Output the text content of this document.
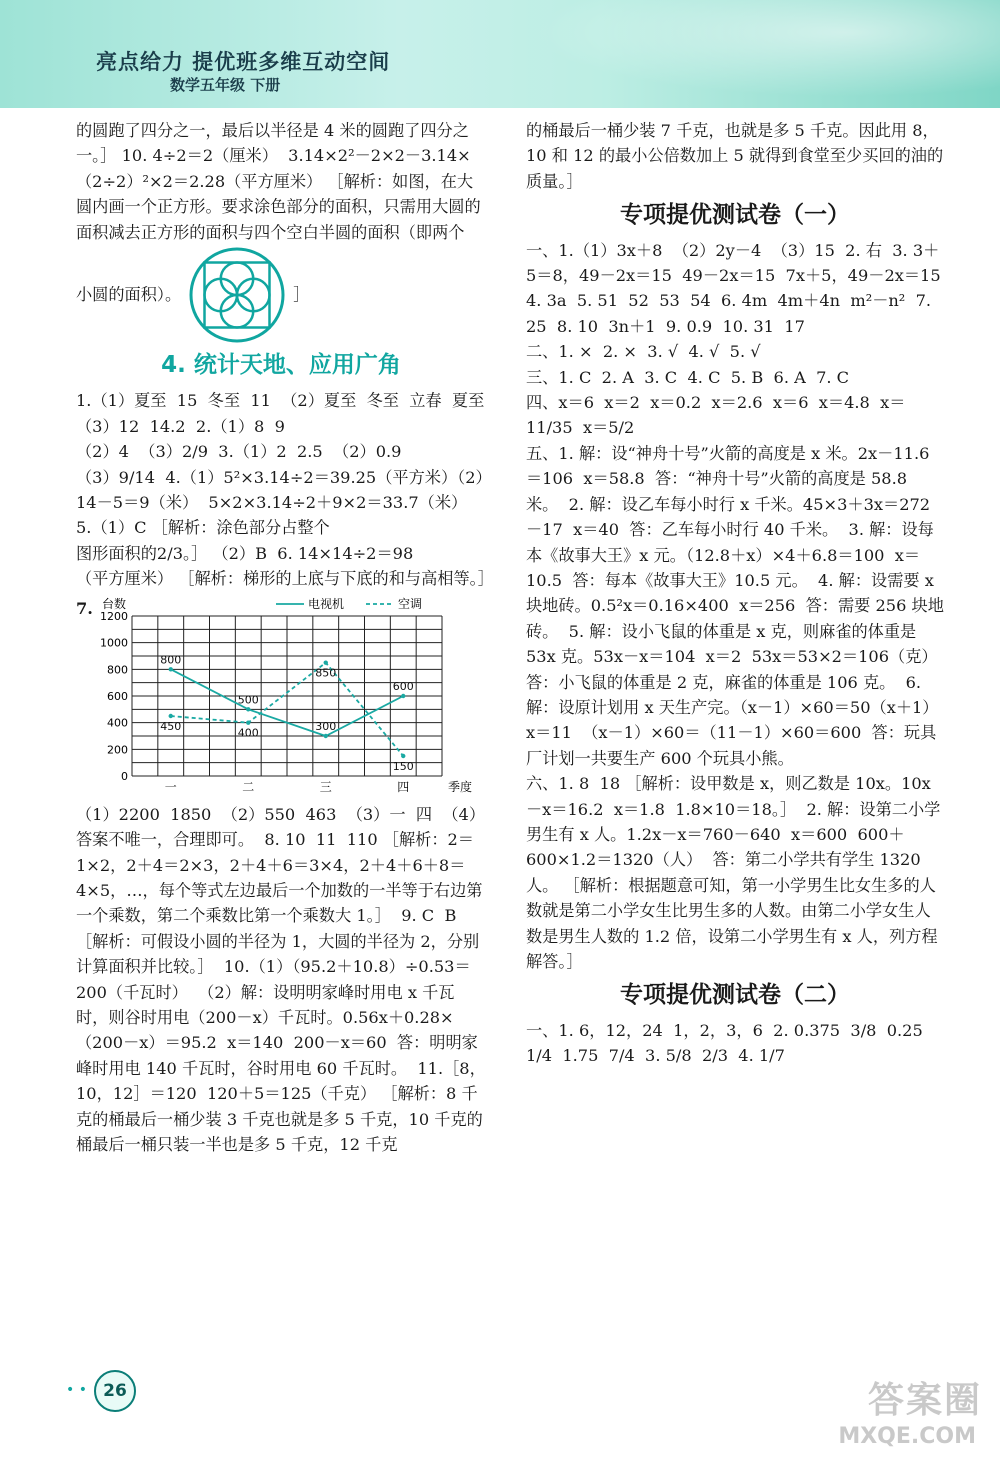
亮点给力 提优班多维互动空间
数学五年级 下册
的圆跑了四分之一，最后以半径是 4 米的圆跑了四分之一。］ 10. 4÷2＝2（厘米）  3.14×2²－2×2－3.14×（2÷2）²×2＝2.28（平方厘米） ［解析：如图，在大圆内画一个正方形。要求涂色部分的面积，只需用大圆的面积减去正方形的面积与四个空白半圆的面积（即两个
小圆的面积）。	］
4. 统计天地、应用广角
1.（1）夏至  15  冬至  11  （2）夏至  冬至  立春  夏至  （3）12  14.2  2.（1）8  9
（2）4  （3）2/9  3.（1）2  2.5  （2）0.9
（3）9/14  4.（1）5²×3.14÷2＝39.25（平方米）（2）14－5＝9（米）  5×2×3.14÷2＋9×2＝33.7（米）  5.（1）C ［解析：涂色部分占整个
图形面积的2/3。］ （2）B  6. 14×14÷2＝98
（平方厘米） ［解析：梯形的上底与下底的和与高相等。］
7.
0
200
400
600
800
1000
1200
台数
一	二	三	四	季度
800
500
300
600
450
400
850
150
电视机	空调
（1）2200  1850  （2）550  463  （3）一  四  （4）答案不唯一，合理即可。  8. 10  11  110 ［解析：2＝1×2，2＋4＝2×3，2＋4＋6＝3×4，2＋4＋6＋8＝4×5，…，每个等式左边最后一个加数的一半等于右边第一个乘数，第二个乘数比第一个乘数大 1。］  9. C  B ［解析：可假设小圆的半径为 1，大圆的半径为 2，分别计算面积并比较。］  10.（1）（95.2＋10.8）÷0.53＝200（千瓦时）  （2）解：设明明家峰时用电 x 千瓦时，则谷时用电（200－x）千瓦时。0.56x＋0.28×（200－x）＝95.2  x＝140  200－x＝60  答：明明家峰时用电 140 千瓦时，谷时用电 60 千瓦时。  11.［8，10，12］＝120  120＋5＝125（千克） ［解析：8 千克的桶最后一桶少装 3 千克也就是多 5 千克，10 千克的桶最后一桶只装一半也是多 5 千克，12 千克
的桶最后一桶少装 7 千克，也就是多 5 千克。因此用 8，10 和 12 的最小公倍数加上 5 就得到食堂至少买回的油的质量。］
专项提优测试卷（一）
一、1.（1）3x＋8  （2）2y－4  （3）15  2. 右  3. 3＋5＝8，49－2x＝15  49－2x＝15  7x＋5，49－2x＝15  4. 3a  5. 51  52  53  54  6. 4m  4m＋4n  m²－n²  7. 25  8. 10  3n＋1  9. 0.9  10. 31  17
二、1. ×  2. ×  3. √  4. √  5. √
三、1. C  2. A  3. C  4. C  5. B  6. A  7. C
四、x＝6  x＝2  x＝0.2  x＝2.6  x＝6  x＝4.8  x＝11/35  x＝5/2
五、1. 解：设“神舟十号”火箭的高度是 x 米。2x－11.6＝106  x＝58.8  答：“神舟十号”火箭的高度是 58.8 米。  2. 解：设乙车每小时行 x 千米。45×3＋3x＝272－17  x＝40  答：乙车每小时行 40 千米。  3. 解：设每本《故事大王》x 元。（12.8＋x）×4＋6.8＝100  x＝10.5  答：每本《故事大王》10.5 元。  4. 解：设需要 x 块地砖。0.5²x＝0.16×400  x＝256  答：需要 256 块地砖。  5. 解：设小飞鼠的体重是 x 克，则麻雀的体重是 53x 克。53x－x＝104  x＝2  53x＝53×2＝106（克）  答：小飞鼠的体重是 2 克，麻雀的体重是 106 克。  6. 解：设原计划用 x 天生产完。（x－1）×60＝50（x＋1）  x＝11  （x－1）×60＝（11－1）×60＝600  答：玩具厂计划一共要生产 600 个玩具小熊。
六、1. 8  18 ［解析：设甲数是 x，则乙数是 10x。10x－x＝16.2  x＝1.8  1.8×10＝18。］  2. 解：设第二小学男生有 x 人。1.2x－x＝760－640  x＝600  600＋600×1.2＝1320（人）  答：第二小学共有学生 1320 人。 ［解析：根据题意可知，第一小学男生比女生多的人数就是第二小学女生比男生多的人数。由第二小学女生人数是男生人数的 1.2 倍，设第二小学男生有 x 人，列方程解答。］
专项提优测试卷（二）
一、1. 6，12，24  1，2，3，6  2. 0.375  3/8  0.25  1/4  1.75  7/4  3. 5/8  2/3  4. 1/7
• • 26	答案圈
MXQE.COM
